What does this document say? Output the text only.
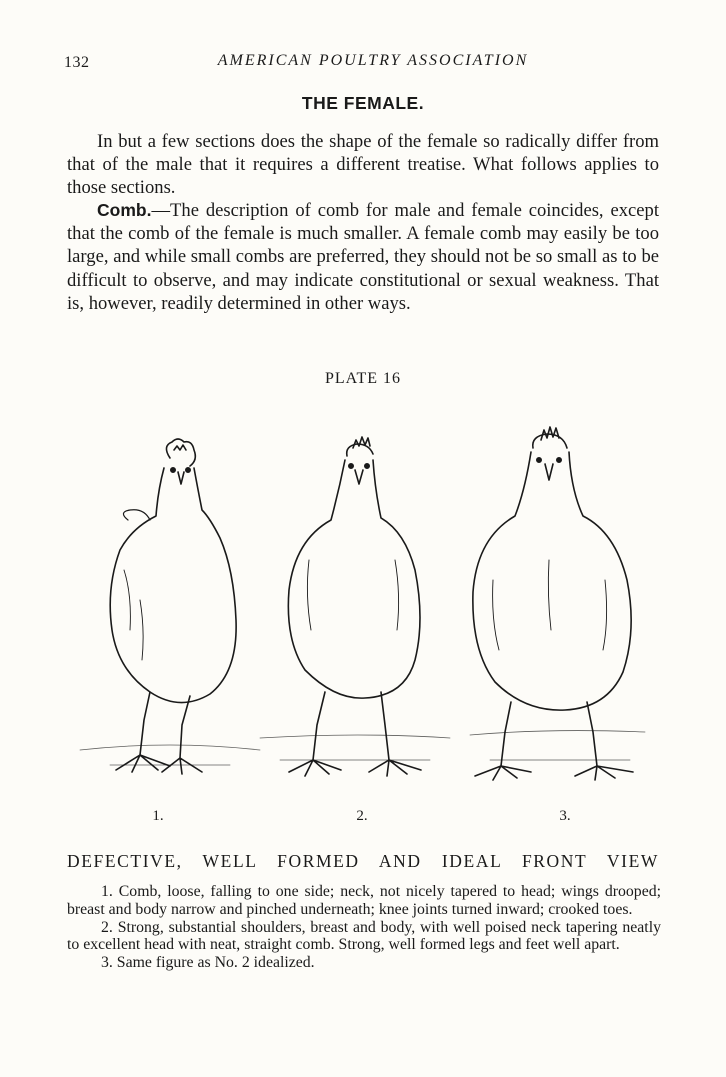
132	AMERICAN POULTRY ASSOCIATION
THE FEMALE.

In but a few sections does the shape of the female so radically differ from that of the male that it requires a different treatise. What follows applies to those sections.

Comb.—The description of comb for male and female coincides, except that the comb of the female is much smaller. A female comb may easily be too large, and while small combs are preferred, they should not be so small as to be difficult to observe, and may indicate constitutional or sexual weakness. That is, however, readily determined in other ways.

PLATE 16
1.	2.	3.
DEFECTIVE, WELL FORMED AND IDEAL FRONT VIEW

1. Comb, loose, falling to one side; neck, not nicely tapered to head; wings drooped; breast and body narrow and pinched underneath; knee joints turned inward; crooked toes.

2. Strong, substantial shoulders, breast and body, with well poised neck tapering neatly to excellent head with neat, straight comb. Strong, well formed legs and feet well apart.

3. Same figure as No. 2 idealized.
